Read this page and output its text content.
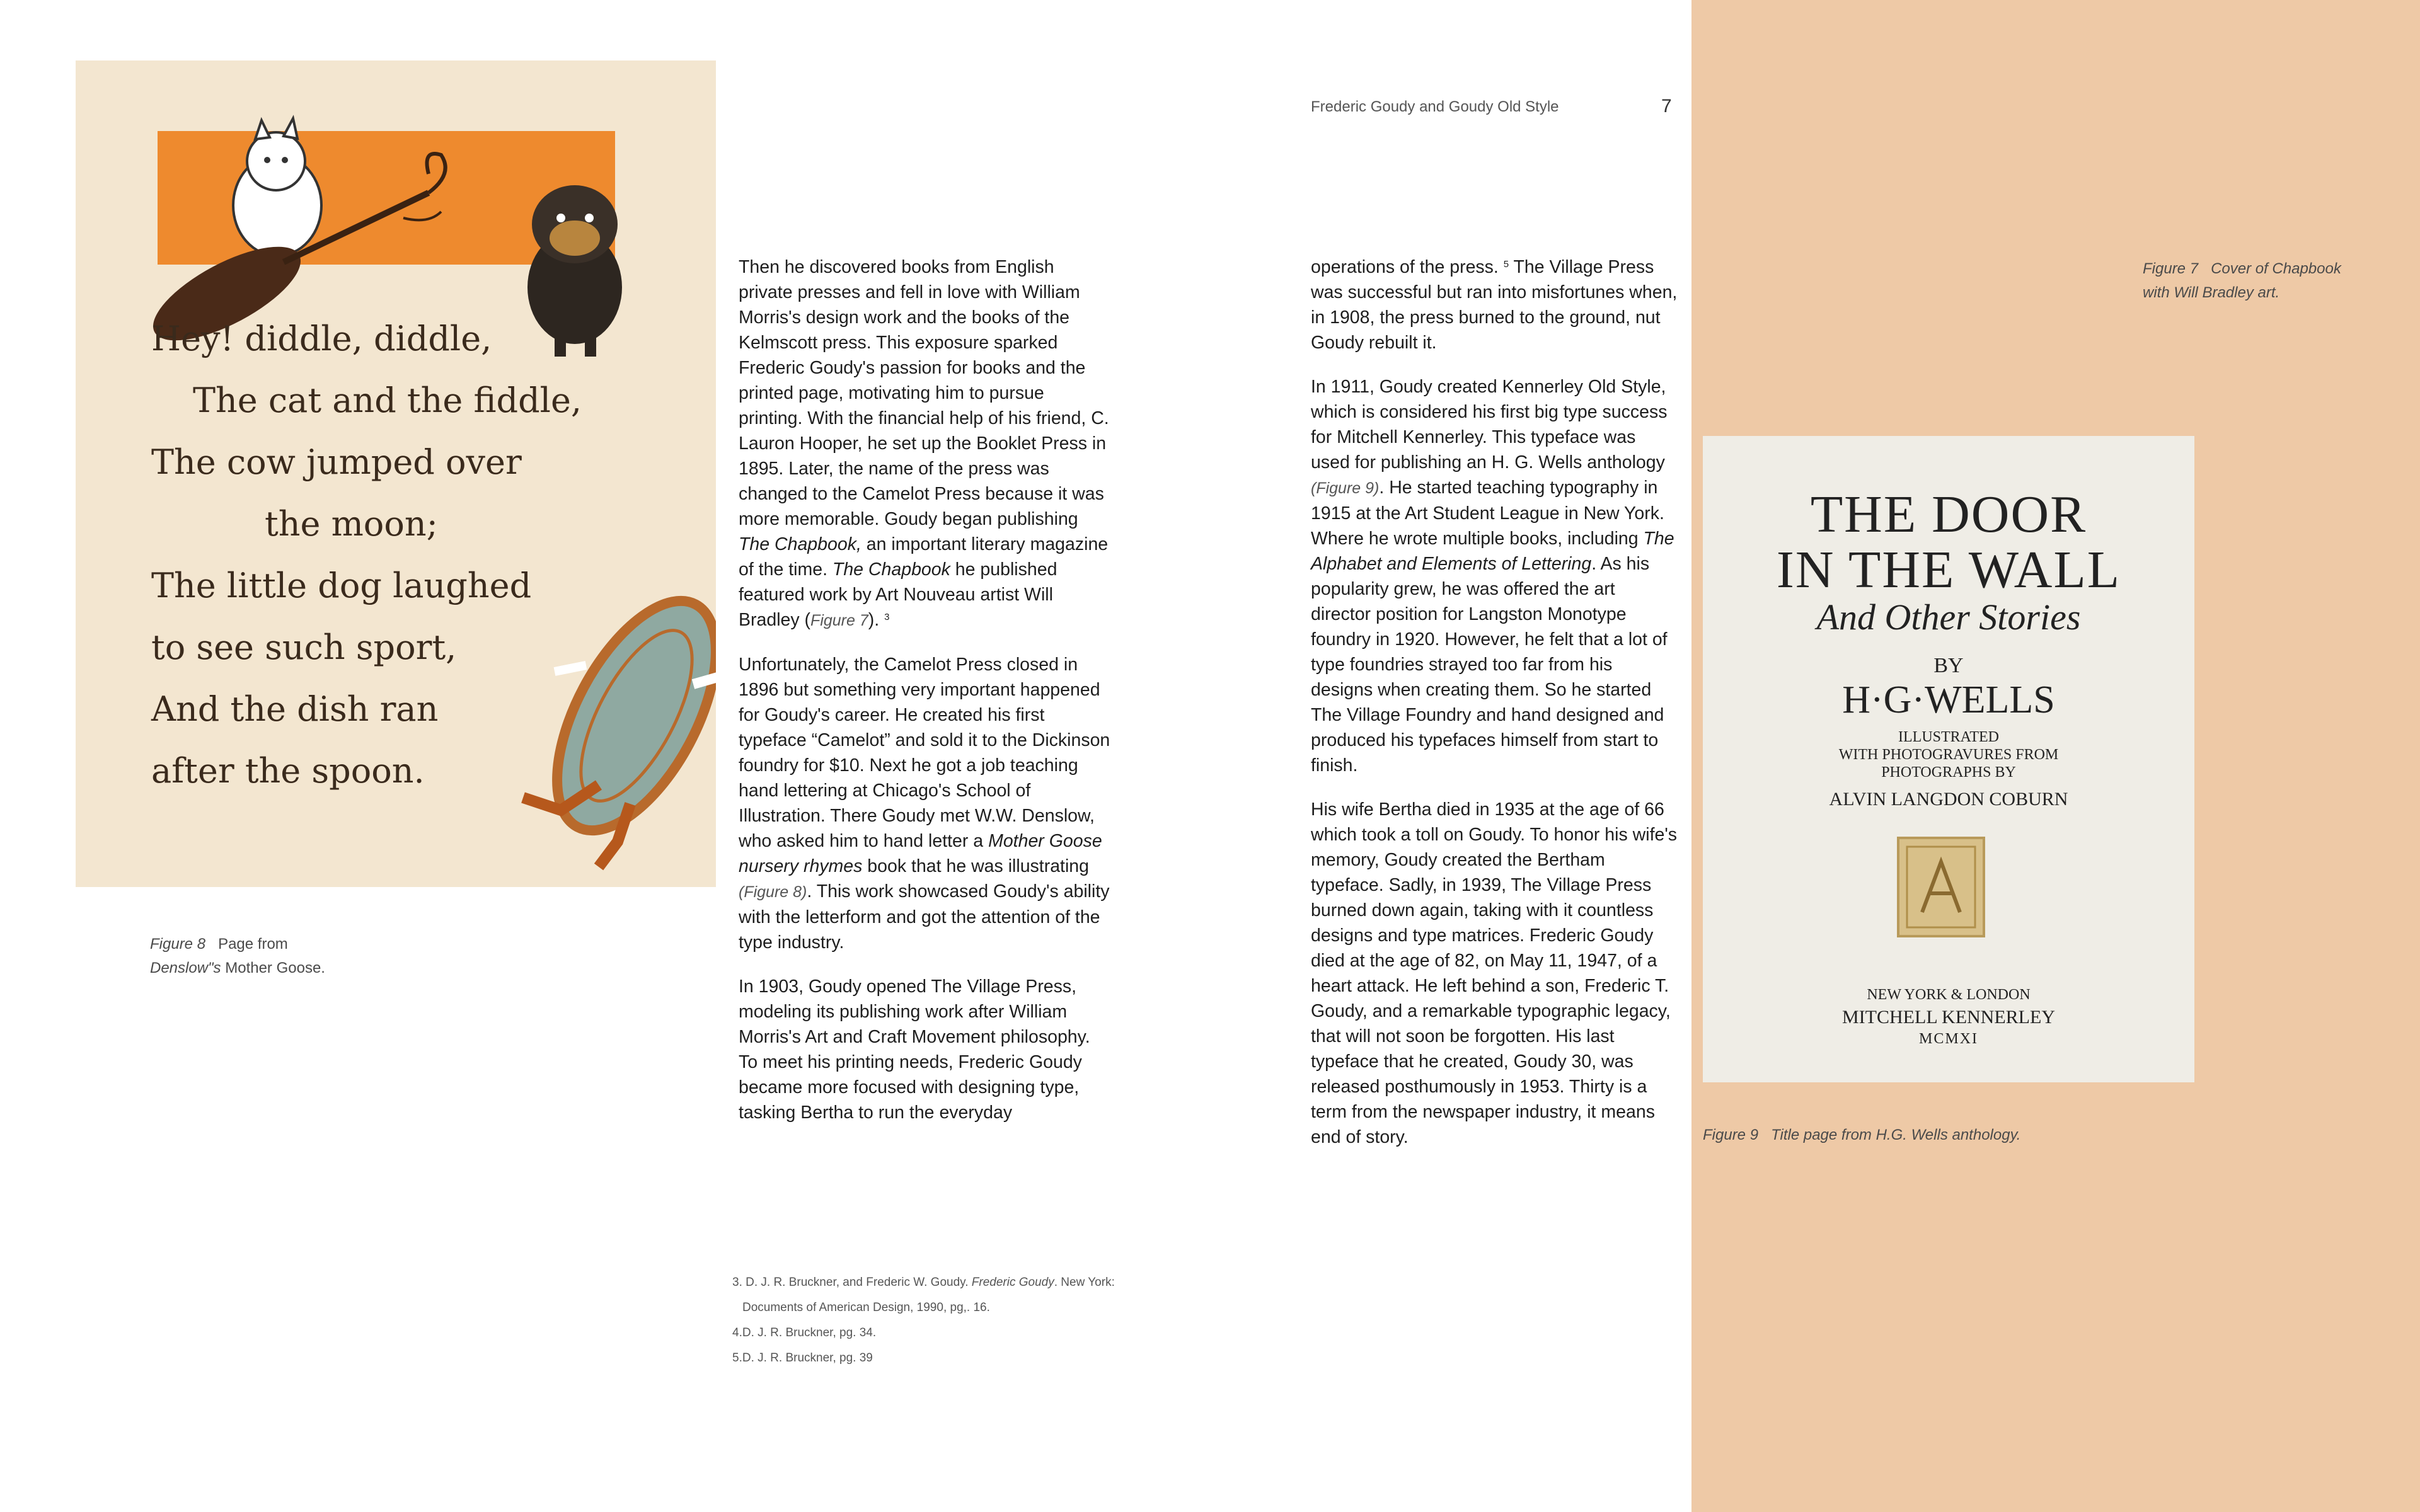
Hey! diddle, diddle,
The cat and the fiddle,
The cow jumped over
the moon;
The little dog laughed
to see such sport,
And the dish ran
after the spoon.
Figure 8 Page from
Denslow"s Mother Goose.
Frederic Goudy and Goudy Old Style	7

Then he discovered books from English private presses and fell in love with William Morris's design work and the books of the Kelmscott press. This exposure sparked Frederic Goudy's passion for books and the printed page, motivating him to pursue printing. With the financial help of his friend, C. Lauron Hooper, he set up the Booklet Press in 1895. Later, the name of the press was changed to the Camelot Press because it was more memorable. Goudy began publishing The Chapbook, an important literary magazine of the time. The Chapbook he published featured work by Art Nouveau artist Will Bradley (Figure 7). $^3$

Unfortunately, the Camelot Press closed in 1896 but something very important happened for Goudy's career. He created his first typeface “Camelot” and sold it to the Dickinson foundry for $10. Next he got a job teaching hand lettering at Chicago's School of Illustration. There Goudy met W.W. Denslow, who asked him to hand letter a Mother Goose nursery rhymes book that he was illustrating (Figure 8). This work showcased Goudy's ability with the letterform and got the attention of the type industry.

In 1903, Goudy opened The Village Press, modeling its publishing work after William Morris's Art and Craft Movement philosophy. To meet his printing needs, Frederic Goudy became more focused with designing type, tasking Bertha to run the everyday

operations of the press. $^5$ The Village Press was successful but ran into misfortunes when, in 1908, the press burned to the ground, nut Goudy rebuilt it.

In 1911, Goudy created Kennerley Old Style, which is considered his first big type success for Mitchell Kennerley. This typeface was used for publishing an H. G. Wells anthology (Figure 9). He started teaching typography in 1915 at the Art Student League in New York. Where he wrote multiple books, including The Alphabet and Elements of Lettering. As his popularity grew, he was offered the art director position for Langston Monotype foundry in 1920. However, he felt that a lot of type foundries strayed too far from his designs when creating them. So he started The Village Foundry and hand designed and produced his typefaces himself from start to finish.

His wife Bertha died in 1935 at the age of 66 which took a toll on Goudy. To honor his wife's memory, Goudy created the Bertham typeface. Sadly, in 1939, The Village Press burned down again, taking with it countless designs and type matrices. Frederic Goudy died at the age of 82, on May 11, 1947, of a heart attack. He left behind a son, Frederic T. Goudy, and a remarkable typographic legacy, that will not soon be forgotten. His last typeface that he created, Goudy 30, was released posthumously in 1953. Thirty is a term from the newspaper industry, it means end of story.

3. D. J. R. Bruckner, and Frederic W. Goudy. Frederic Goudy. New York:
Documents of American Design, 1990, pg,. 16.
4.D. J. R. Bruckner, pg. 34.
5.D. J. R. Bruckner, pg. 39
Figure 7 Cover of Chapbook
with Will Bradley art.
THE DOOR
IN THE WALL
And Other Stories
BY
H·G·WELLS
ILLUSTRATED
WITH PHOTOGRAVURES FROM
PHOTOGRAPHS BY
ALVIN LANGDON COBURN
NEW YORK & LONDON
MITCHELL KENNERLEY
MCMXI
Figure 9 Title page from H.G. Wells anthology.
